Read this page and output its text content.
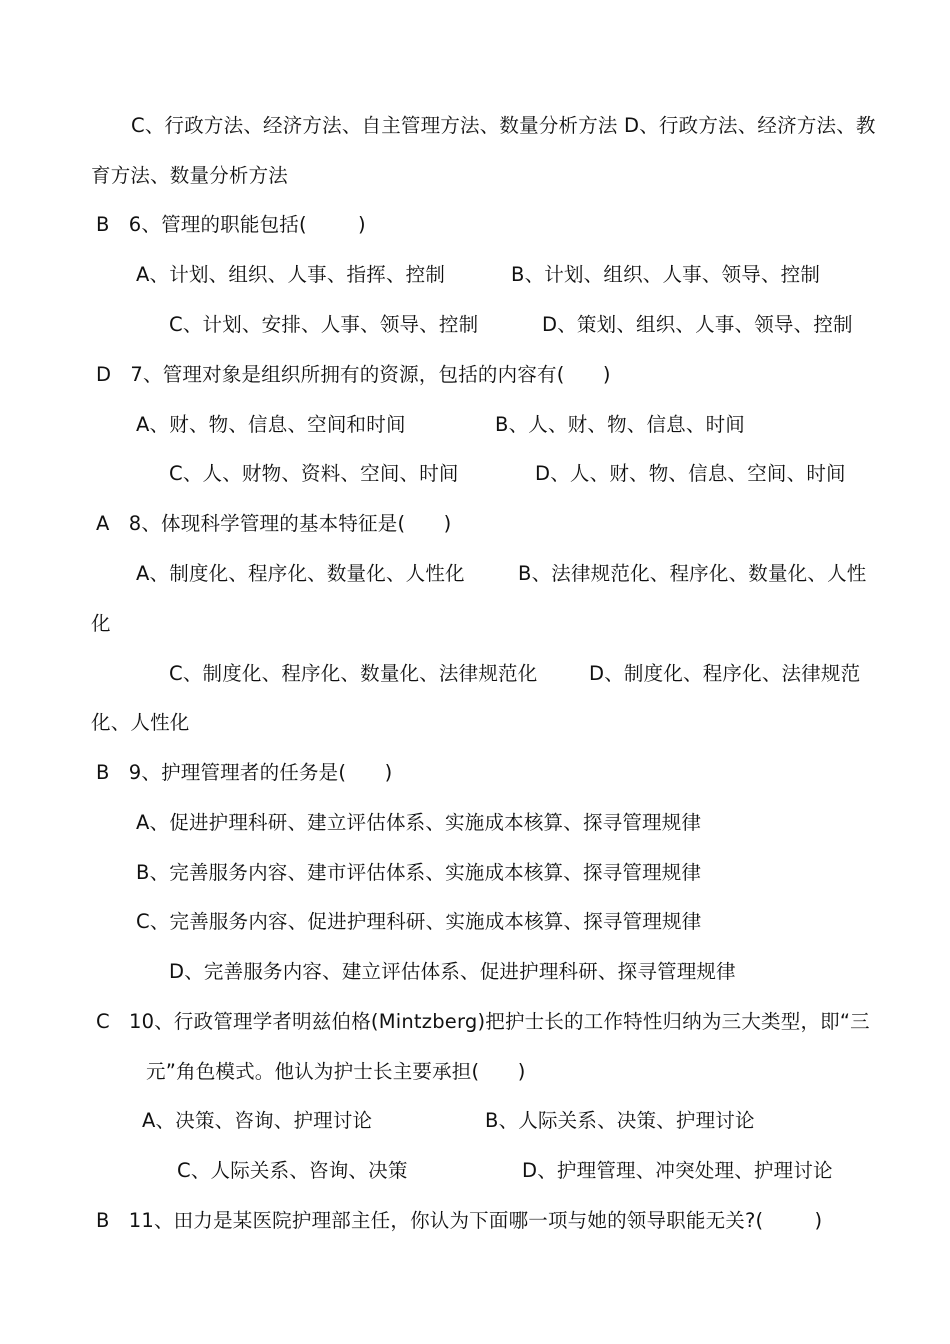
C、行政方法、经济方法、自主管理方法、数量分析方法 D、行政方法、经济方法、教
育方法、数量分析方法
B   6、管理的职能包括(        )
A、计划、组织、人事、指挥、控制	B、计划、组织、人事、领导、控制
C、计划、安排、人事、领导、控制	D、策划、组织、人事、领导、控制
D   7、管理对象是组织所拥有的资源，包括的内容有(      )
A、财、物、信息、空间和时间	B、人、财、物、信息、时间
C、人、财物、资料、空间、时间	D、人、财、物、信息、空间、时间
A   8、体现科学管理的基本特征是(      )
A、制度化、程序化、数量化、人性化	B、法律规范化、程序化、数量化、人性
化
C、制度化、程序化、数量化、法律规范化	D、制度化、程序化、法律规范
化、人性化
B   9、护理管理者的任务是(      )
A、促进护理科研、建立评估体系、实施成本核算、探寻管理规律
B、完善服务内容、建市评估体系、实施成本核算、探寻管理规律
C、完善服务内容、促进护理科研、实施成本核算、探寻管理规律
D、完善服务内容、建立评估体系、促进护理科研、探寻管理规律
C   10、行政管理学者明兹伯格(Mintzberg)把护士长的工作特性归纳为三大类型，即“三
元”角色模式。他认为护士长主要承担(      )
A、决策、咨询、护理讨论	B、人际关系、决策、护理讨论
C、人际关系、咨询、决策	D、护理管理、冲突处理、护理讨论
B   11、田力是某医院护理部主任，你认为下面哪一项与她的领导职能无关?(        )
